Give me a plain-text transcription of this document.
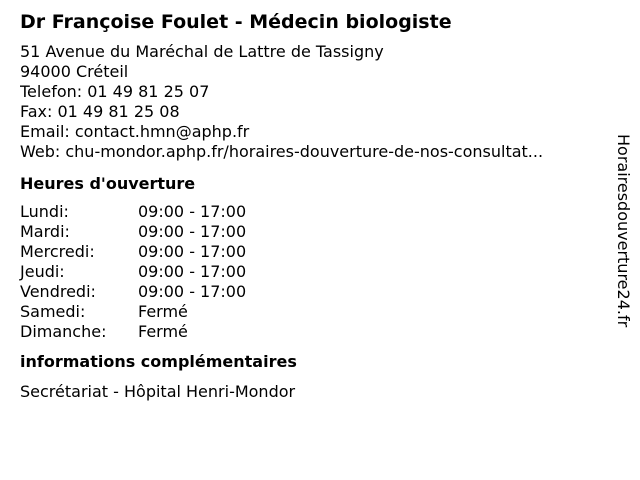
Dr Françoise Foulet - Médecin biologiste
51 Avenue du Maréchal de Lattre de Tassigny
94000 Créteil
Telefon: 01 49 81 25 07
Fax: 01 49 81 25 08
Email: contact.hmn@aphp.fr
Web: chu-mondor.aphp.fr/horaires-douverture-de-nos-consultat...
Heures d'ouverture
Lundi:	09:00 - 17:00
Mardi:	09:00 - 17:00
Mercredi:	09:00 - 17:00
Jeudi:	09:00 - 17:00
Vendredi:	09:00 - 17:00
Samedi:	Fermé
Dimanche:	Fermé
informations complémentaires
Secrétariat - Hôpital Henri-Mondor
Horairesdouverture24.fr
